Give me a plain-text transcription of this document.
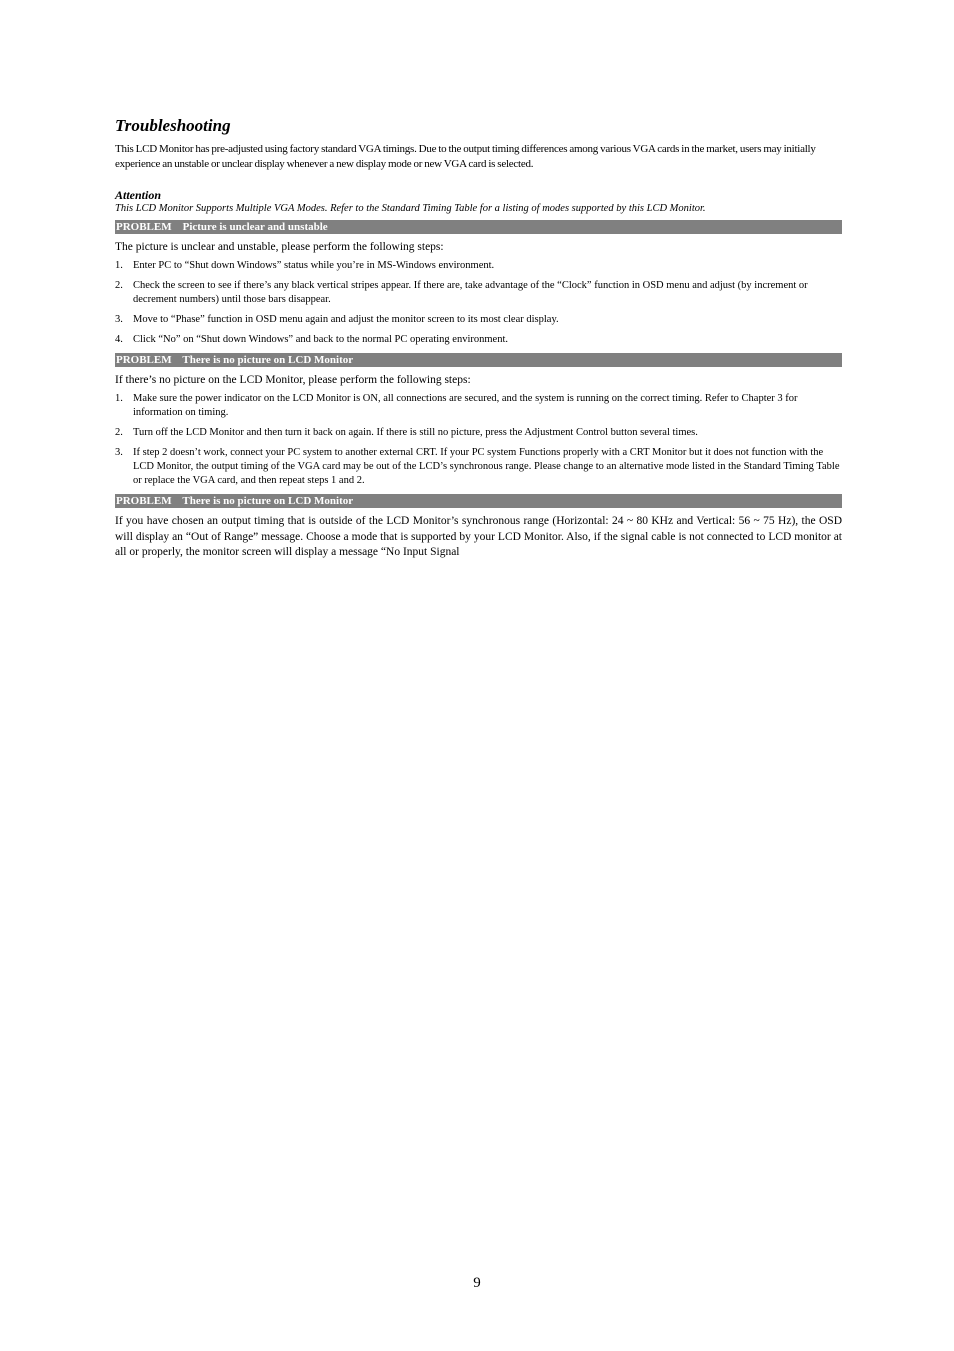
Troubleshooting

This LCD Monitor has pre-adjusted using factory standard VGA timings. Due to the output timing differences among various VGA cards in the market, users may initially experience an unstable or unclear display whenever a new display mode or new VGA card is selected.

Attention

This LCD Monitor Supports Multiple VGA Modes. Refer to the Standard Timing Table for a listing of modes supported by this LCD Monitor.

PROBLEM    Picture is unclear and unstable

The picture is unclear and unstable, please perform the following steps:

1. Enter PC to “Shut down Windows” status while you’re in MS-Windows environment.
2. Check the screen to see if there’s any black vertical stripes appear. If there are, take advantage of the “Clock” function in OSD menu and adjust (by increment or decrement numbers) until those bars disappear.
3. Move to “Phase” function in OSD menu again and adjust the monitor screen to its most clear display.
4. Click “No” on “Shut down Windows” and back to the normal PC operating environment.
PROBLEM    There is no picture on LCD Monitor

If there’s no picture on the LCD Monitor, please perform the following steps:

1. Make sure the power indicator on the LCD Monitor is ON, all connections are secured, and the system is running on the correct timing. Refer to Chapter 3 for information on timing.
2. Turn off the LCD Monitor and then turn it back on again. If there is still no picture, press the Adjustment Control button several times.
3. If step 2 doesn’t work, connect your PC system to another external CRT. If your PC system Functions properly with a CRT Monitor but it does not function with the LCD Monitor, the output timing of the VGA card may be out of the LCD’s synchronous range. Please change to an alternative mode listed in the Standard Timing Table or replace the VGA card, and then repeat steps 1 and 2.
PROBLEM    There is no picture on LCD Monitor

If you have chosen an output timing that is outside of the LCD Monitor’s synchronous range (Horizontal: 24 ~ 80 KHz and Vertical: 56 ~ 75 Hz), the OSD will display an “Out of Range” message. Choose a mode that is supported by your LCD Monitor. Also, if the signal cable is not connected to LCD monitor at all or properly, the monitor screen will display a message “No Input Signal

9
